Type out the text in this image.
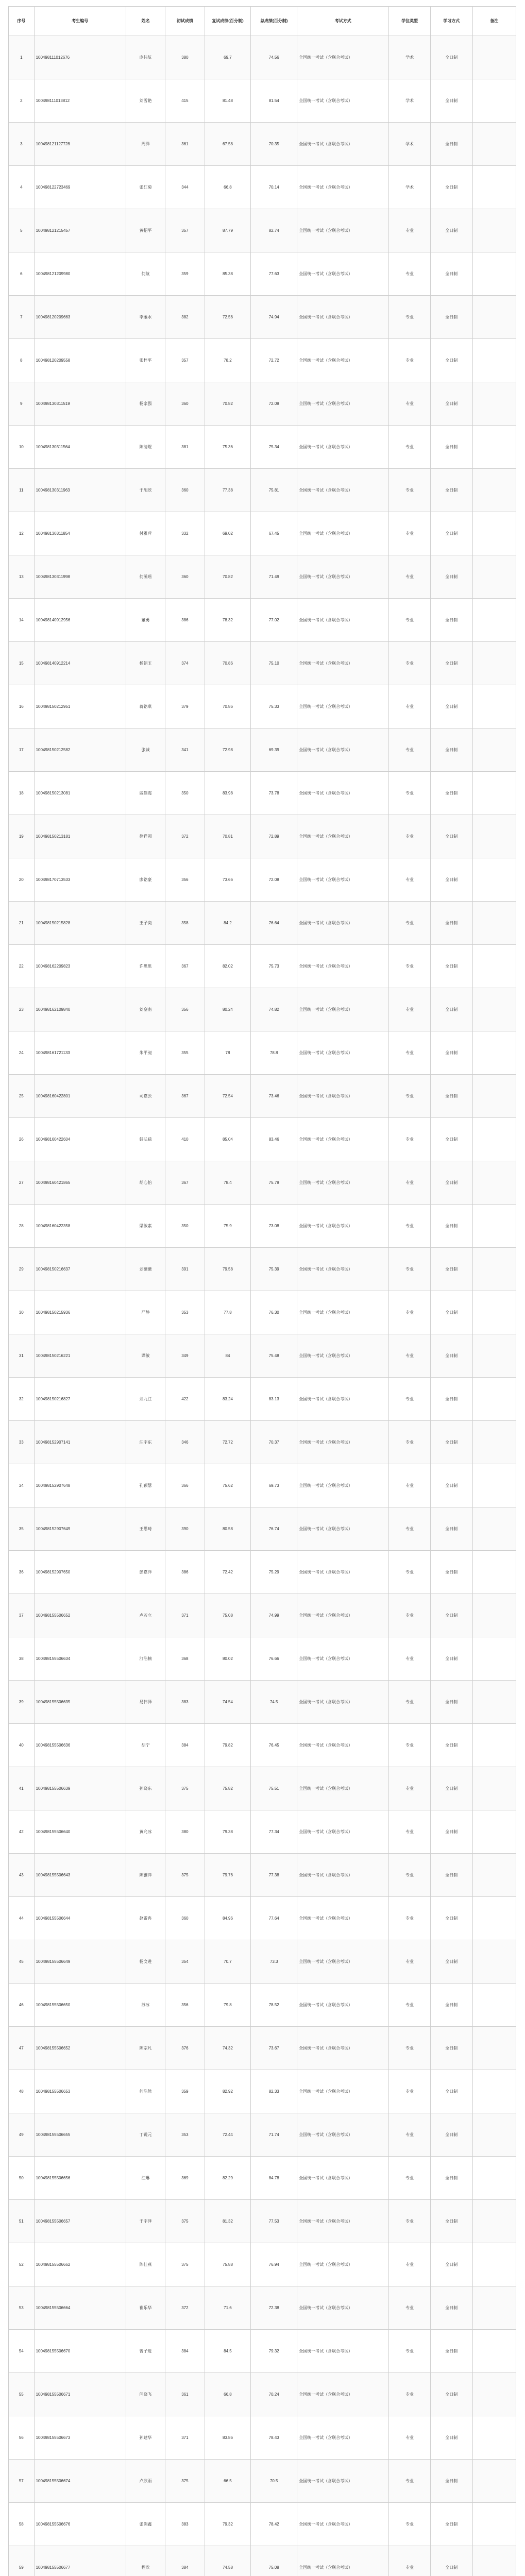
序号	考生编号	姓名	初试成绩	复试成绩(百分制)	总成绩(百分制)	考试方式	学位类型	学习方式	备注
1	100498111012676	庞伟航	380	69.7	74.56	全国统一考试（含联合考试）	学术	全日制	
2	100498111013812	刘雪艳	415	81.48	81.54	全国统一考试（含联合考试）	学术	全日制	
3	100498121127728	周洋	361	67.58	70.35	全国统一考试（含联合考试）	学术	全日制	
4	100498122723469	张红菊	344	66.8	70.14	全国统一考试（含联合考试）	学术	全日制	
5	100498121215457	黄招平	357	87.79	82.74	全国统一考试（含联合考试）	专业	全日制	
6	100498121209980	何航	359	85.38	77.63	全国统一考试（含联合考试）	专业	全日制	
7	100498120209663	李雁水	382	72.56	74.94	全国统一考试（含联合考试）	专业	全日制	
8	100498120209558	张梓平	357	78.2	72.72	全国统一考试（含联合考试）	专业	全日制	
9	100498130311519	杨家强	360	70.82	72.09	全国统一考试（含联合考试）	专业	全日制	
10	100498130311564	陈清煜	381	75.36	75.34	全国统一考试（含联合考试）	专业	全日制	
11	100498130311963	于旭欣	360	77.38	75.81	全国统一考试（含联合考试）	专业	全日制	
12	100498130311854	付雅萍	332	69.02	67.45	全国统一考试（含联合考试）	专业	全日制	
13	100498130311998	何溪瑶	360	70.82	71.49	全国统一考试（含联合考试）	专业	全日制	
14	100498140912956	董勇	386	78.32	77.02	全国统一考试（含联合考试）	专业	全日制	
15	100498140912214	杨朝玉	374	70.86	75.10	全国统一考试（含联合考试）	专业	全日制	
16	100498150212951	蒋铭琪	379	70.86	75.33	全国统一考试（含联合考试）	专业	全日制	
17	100498150212582	张诚	341	72.98	69.39	全国统一考试（含联合考试）	专业	全日制	
18	100498150213081	戚鹤霞	350	83.98	73.78	全国统一考试（含联合考试）	专业	全日制	
19	100498150213181	徐祥圆	372	70.81	72.89	全国统一考试（含联合考试）	专业	全日制	
20	100498170713533	廖铭豪	356	73.66	72.08	全国统一考试（含联合考试）	专业	全日制	
21	100498150215828	王子奕	358	84.2	76.64	全国统一考试（含联合考试）	专业	全日制	
22	100498162209823	许思思	367	82.02	75.73	全国统一考试（含联合考试）	专业	全日制	
23	100498162109840	刘銮南	356	80.24	74.82	全国统一考试（含联合考试）	专业	全日制	
24	100498161721133	朱平昶	355	78	78.8	全国统一考试（含联合考试）	专业	全日制	
25	100498160422801	司嘉云	367	72.54	73.46	全国统一考试（含联合考试）	专业	全日制	
26	100498160422604	韩弘禄	410	85.04	83.46	全国统一考试（含联合考试）	专业	全日制	
27	100498160421865	胡心怡	367	78.4	75.79	全国统一考试（含联合考试）	专业	全日制	
28	100498160422358	梁敏素	350	75.9	73.08	全国统一考试（含联合考试）	专业	全日制	
29	100498150216637	刘薇薇	391	79.58	75.39	全国统一考试（含联合考试）	专业	全日制	
30	100498150215936	严静	353	77.8	76.30	全国统一考试（含联合考试）	专业	全日制	
31	100498150216221	谭敏	349	84	75.48	全国统一考试（含联合考试）	专业	全日制	
32	100498150216827	刘九江	422	83.24	83.13	全国统一考试（含联合考试）	专业	全日制	
33	100498152907141	汪宇东	346	72.72	70.37	全国统一考试（含联合考试）	专业	全日制	
34	100498152907648	孔颖慧	366	75.62	69.73	全国统一考试（含联合考试）	专业	全日制	
35	100498152907649	王思琦	390	80.58	76.74	全国统一考试（含联合考试）	专业	全日制	
36	100498152907650	彭嘉洋	386	72.42	75.29	全国统一考试（含联合考试）	专业	全日制	
37	100498155506652	卢若立	371	75.08	74.99	全国统一考试（含联合考试）	专业	全日制	
38	100498155506634	汀浩楠	368	80.02	76.66	全国统一考试（含联合考试）	专业	全日制	
39	100498155506635	易伟泽	383	74.54	74.5	全国统一考试（含联合考试）	专业	全日制	
40	100498155506636	胡宁	384	79.82	76.45	全国统一考试（含联合考试）	专业	全日制	
41	100498155506639	孙晓东	375	75.82	75.51	全国统一考试（含联合考试）	专业	全日制	
42	100498155506640	黄允冰	380	79.38	77.34	全国统一考试（含联合考试）	专业	全日制	
43	100498155506643	陈雅萍	375	79.76	77.38	全国统一考试（含联合考试）	专业	全日制	
44	100498155506644	赵雷冉	360	84.96	77.64	全国统一考试（含联合考试）	专业	全日制	
45	100498155506649	杨文进	354	70.7	73.3	全国统一考试（含联合考试）	专业	全日制	
46	100498155506650	苏冰	356	79.8	78.52	全国统一考试（含联合考试）	专业	全日制	
47	100498155506652	陈宗凡	376	74.32	73.67	全国统一考试（含联合考试）	专业	全日制	
48	100498155506653	何浩然	359	82.92	82.33	全国统一考试（含联合考试）	专业	全日制	
49	100498155506655	丁锐元	353	72.44	71.74	全国统一考试（含联合考试）	专业	全日制	
50	100498155506656	汪琳	369	82.29	84.78	全国统一考试（含联合考试）	专业	全日制	
51	100498155506657	于宇泽	375	81.32	77.53	全国统一考试（含联合考试）	专业	全日制	
52	100498155506662	陈佳燕	375	75.88	76.94	全国统一考试（含联合考试）	专业	全日制	
53	100498155506664	崔乐华	372	71.6	72.38	全国统一考试（含联合考试）	专业	全日制	
54	100498155506670	曾子进	384	84.5	79.32	全国统一考试（含联合考试）	专业	全日制	
55	100498155506671	闫晓飞	361	66.8	70.24	全国统一考试（含联合考试）	专业	全日制	
56	100498155506673	孙建华	371	83.86	78.43	全国统一考试（含联合考试）	专业	全日制	
57	100498155506674	卢欣雨	375	66.5	70.5	全国统一考试（含联合考试）	专业	全日制	
58	100498155506676	张剑鑫	383	79.32	78.42	全国统一考试（含联合考试）	专业	全日制	
59	100498155506677	程欣	384	74.58	75.08	全国统一考试（含联合考试）	专业	全日制	
